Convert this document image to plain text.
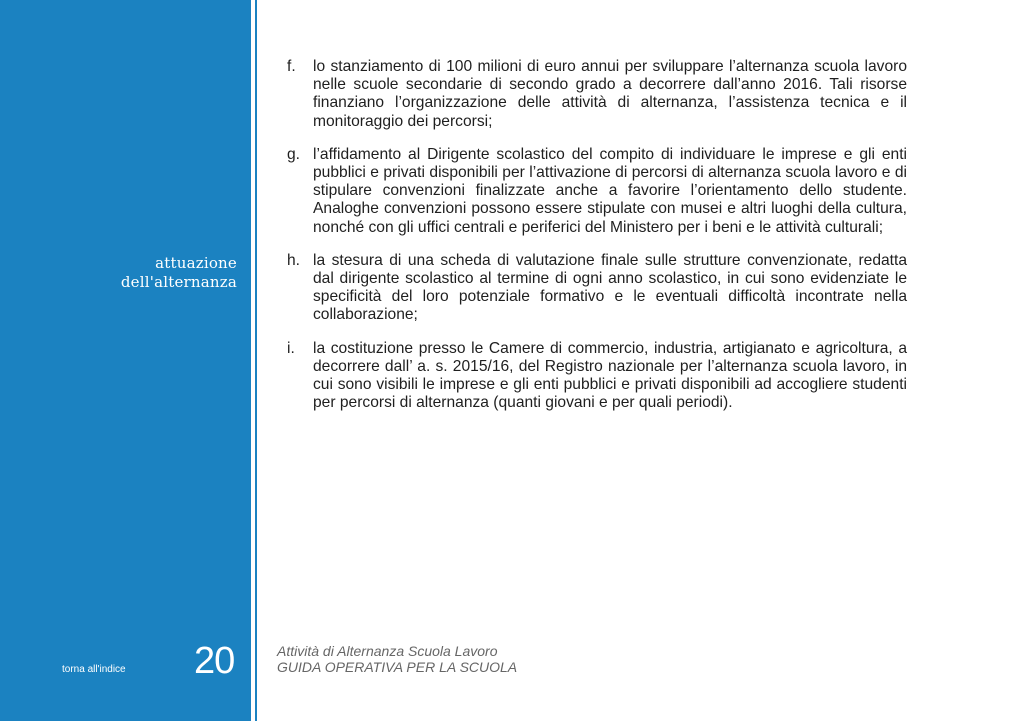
attuazione
dell'alternanza
torna all'indice 20	Attività di Alternanza Scuola Lavoro
GUIDA OPERATIVA PER LA SCUOLA
f.	lo stanziamento di 100 milioni di euro annui per sviluppare l’alternanza scuola lavoro nelle scuole secondarie di secondo grado a decorrere dall’anno 2016. Tali risorse finanziano l’organizzazione delle attività di alternanza, l’assistenza tecnica e il monitoraggio dei percorsi;
g. l’affidamento al Dirigente scolastico del compito di individuare le imprese e gli enti pubblici e privati disponibili per l’attivazione di percorsi di alternanza scuola lavoro e di stipulare convenzioni finalizzate anche a favorire l’orientamento dello studente. Analoghe convenzioni possono essere stipulate con musei e altri luoghi della cultura, nonché con gli uffici centrali e periferici del Ministero per i beni e le attività culturali;
h. la stesura di una scheda di valutazione finale sulle strutture convenzionate, redatta dal dirigente scolastico al termine di ogni anno scolastico, in cui sono evidenziate le specificità del loro potenziale formativo e le eventuali difficoltà incontrate nella collaborazione;
i.	la costituzione presso le Camere di commercio, industria, artigianato e agricoltura, a decorrere dall’ a. s. 2015/16, del Registro nazionale per l’alternanza scuola lavoro, in cui sono visibili le imprese e gli enti pubblici e privati disponibili ad accogliere studenti per percorsi di alternanza (quanti giovani e per quali periodi).
